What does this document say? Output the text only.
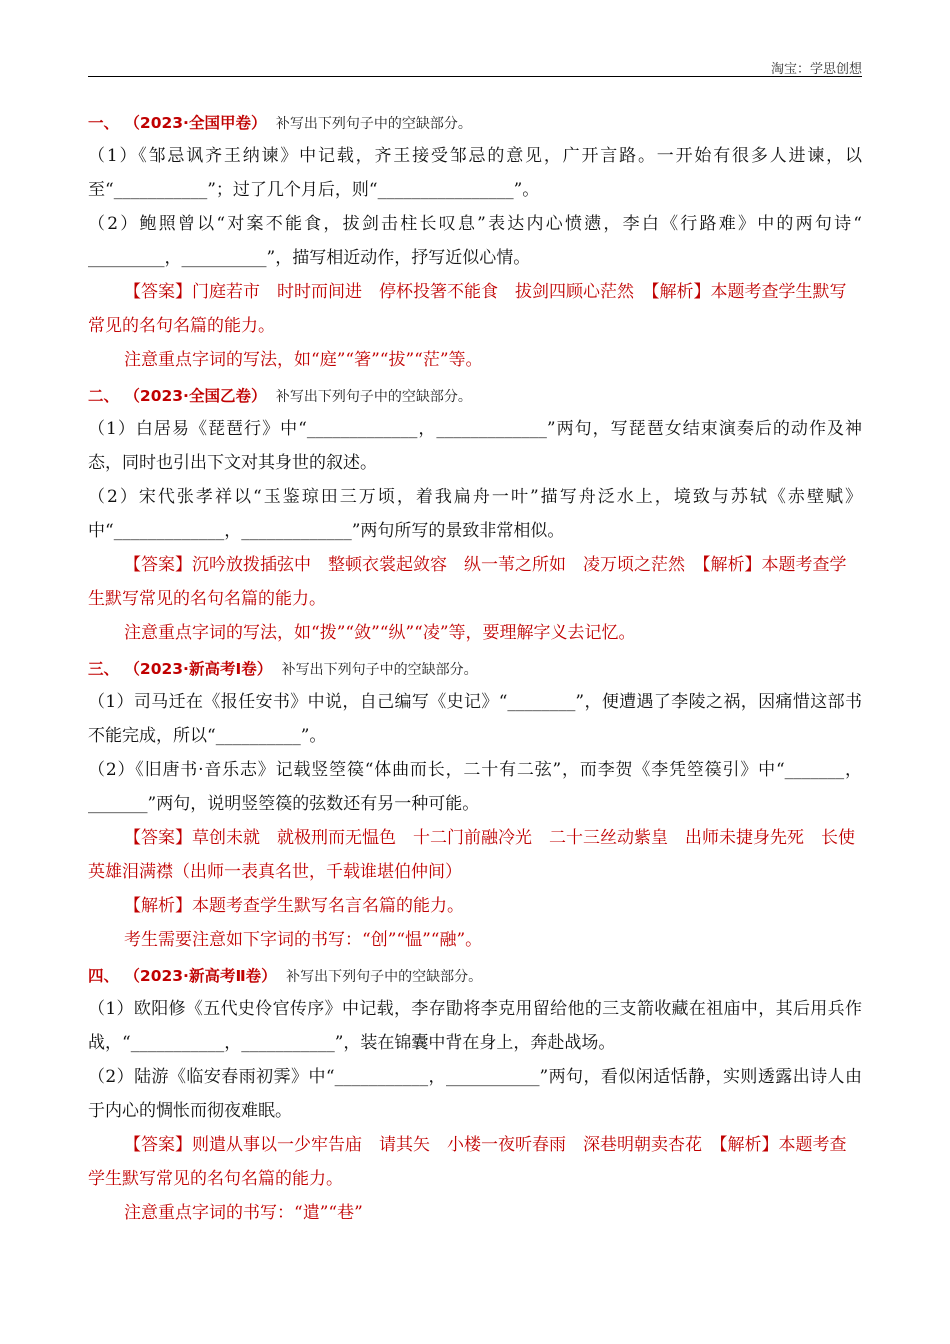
淘宝：学思创想
一、 （2023·全国甲卷） 补写出下列句子中的空缺部分。

（1）《邹忌讽齐王纳谏》中记载，齐王接受邹忌的意见，广开言路。一开始有很多人进谏，以至“___________”；过了几个月后，则“________________”。

（2）鲍照曾以“对案不能食，拔剑击柱长叹息”表达内心愤懑，李白《行路难》中的两句诗“ _________，__________”，描写相近动作，抒写近似心情。

【答案】门庭若市　时时而间进　停杯投箸不能食　拔剑四顾心茫然　【解析】本题考查学生默写常见的名句名篇的能力。

注意重点字词的写法，如“庭”“箸”“拔”“茫”等。

二、 （2023·全国乙卷） 补写出下列句子中的空缺部分。

（1）白居易《琵琶行》中“_____________，_____________”两句，写琵琶女结束演奏后的动作及神态，同时也引出下文对其身世的叙述。

（2）宋代张孝祥以“玉鉴琼田三万顷，着我扁舟一叶”描写舟泛水上，境致与苏轼《赤壁赋》中“_____________，_____________”两句所写的景致非常相似。

【答案】沉吟放拨插弦中　整顿衣裳起敛容　纵一苇之所如　凌万顷之茫然　【解析】本题考查学生默写常见的名句名篇的能力。

注意重点字词的写法，如“拨”“敛”“纵”“凌”等，要理解字义去记忆。

三、 （2023·新高考Ⅰ卷） 补写出下列句子中的空缺部分。

（1）司马迁在《报任安书》中说，自己编写《史记》“________”，便遭遇了李陵之祸，因痛惜这部书不能完成，所以“__________”。

（2）《旧唐书·音乐志》记载竖箜篌“体曲而长，二十有二弦”，而李贺《李凭箜篌引》中“_______，_______”两句，说明竖箜篌的弦数还有另一种可能。

【答案】草创未就　就极刑而无愠色　十二门前融冷光　二十三丝动紫皇　出师未捷身先死　长使英雄泪满襟（出师一表真名世，千载谁堪伯仲间）

【解析】本题考查学生默写名言名篇的能力。

考生需要注意如下字词的书写：“创”“愠”“融”。

四、 （2023·新高考Ⅱ卷） 补写出下列句子中的空缺部分。

（1）欧阳修《五代史伶官传序》中记载，李存勖将李克用留给他的三支箭收藏在祖庙中，其后用兵作战，“___________，___________”，装在锦囊中背在身上，奔赴战场。

（2）陆游《临安春雨初霁》中“___________，___________”两句，看似闲适恬静，实则透露出诗人由于内心的惆怅而彻夜难眠。

【答案】则遣从事以一少牢告庙　请其矢　小楼一夜听春雨　深巷明朝卖杏花　【解析】本题考查学生默写常见的名句名篇的能力。

注意重点字词的书写：“遣”“巷”
